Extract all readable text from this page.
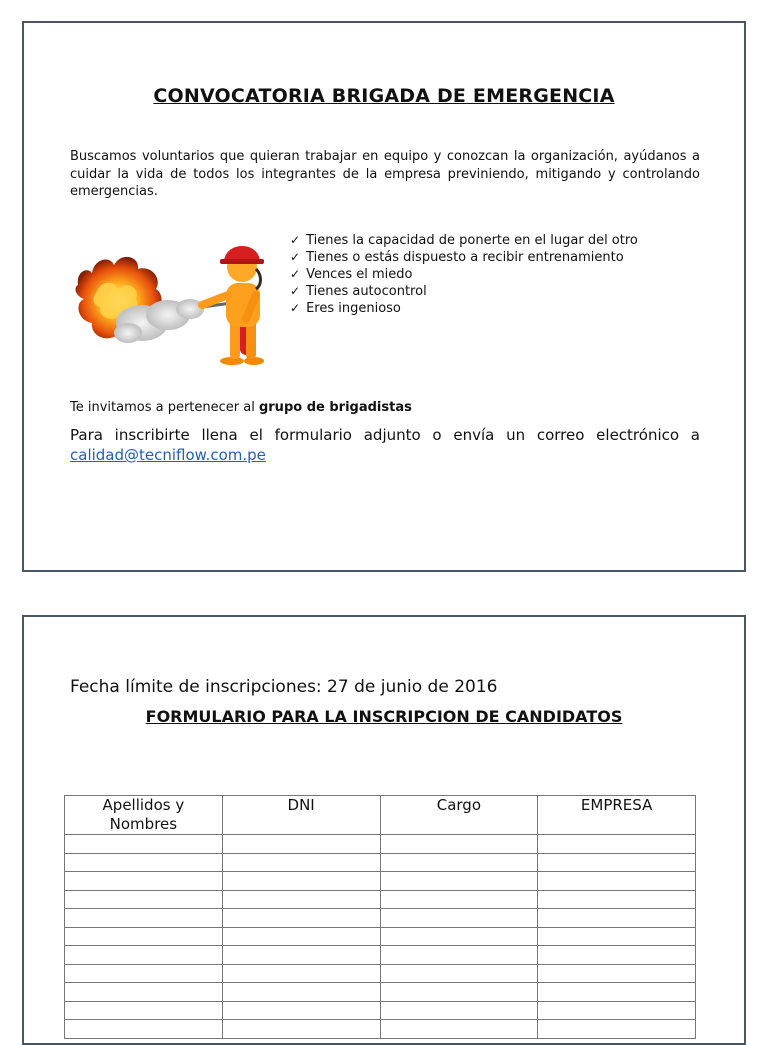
CONVOCATORIA BRIGADA DE EMERGENCIA
Buscamos voluntarios que quieran trabajar en equipo y conozcan la organización, ayúdanos a cuidar la vida de todos los integrantes de la empresa previniendo, mitigando y controlando emergencias.
✓ Tienes la capacidad de ponerte en el lugar del otro
✓ Tienes o estás dispuesto a recibir entrenamiento
✓ Vences el miedo
✓ Tienes autocontrol
✓ Eres ingenioso
Te invitamos a pertenecer al grupo de brigadistas
Para inscribirte llena el formulario adjunto o envía un correo electrónico a calidad@tecniflow.com.pe
Fecha límite de inscripciones: 27 de junio de 2016
FORMULARIO PARA LA INSCRIPCION DE CANDIDATOS
Apellidos y Nombres	DNI	Cargo	EMPRESA
